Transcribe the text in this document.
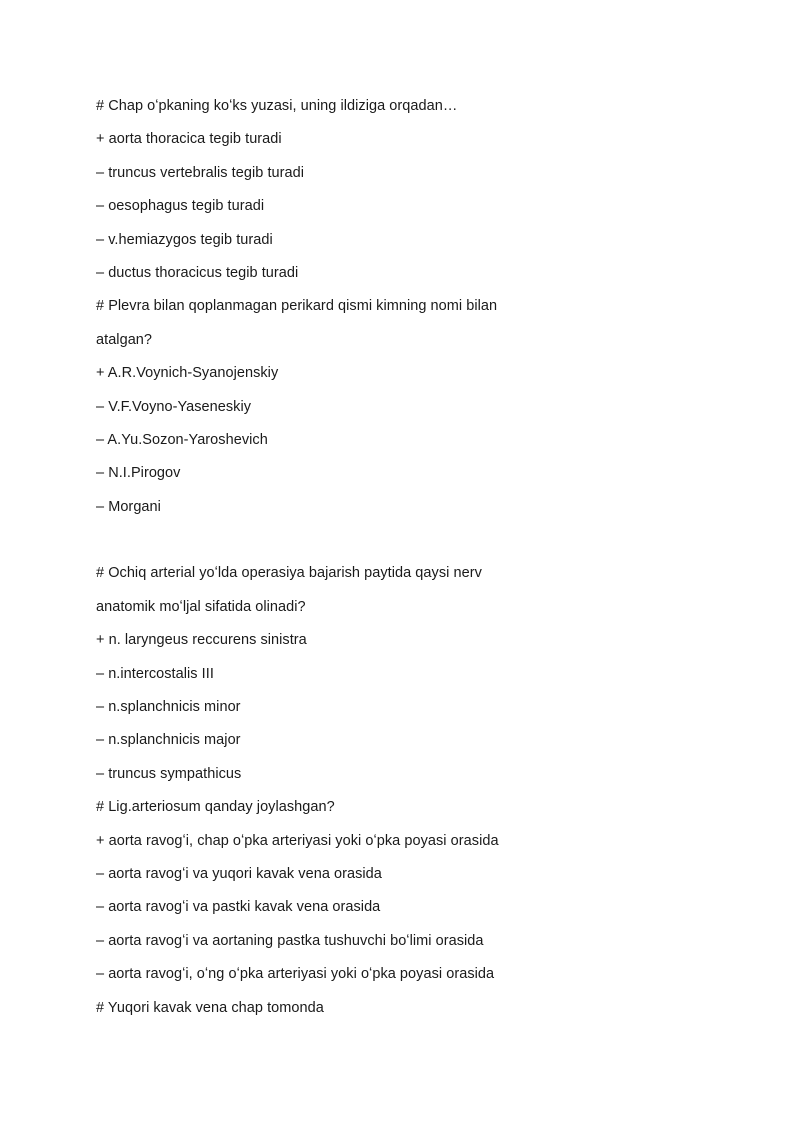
# Chap oʻpkaning koʻks yuzasi, uning ildiziga orqadan…
+ aorta thoracica tegib turadi
– truncus vertebralis tegib turadi
– oesophagus tegib turadi
– v.hemiazygos tegib turadi
– ductus thoracicus tegib turadi
# Plevra bilan qoplanmagan perikard qismi kimning nomi bilan
atalgan?
+ A.R.Voynich-Syanojenskiy
– V.F.Voyno-Yaseneskiy
– A.Yu.Sozon-Yaroshevich
– N.I.Pirogov
– Morgani
# Ochiq arterial yoʻlda operasiya bajarish paytida qaysi nerv
anatomik moʻljal sifatida olinadi?
+ n. laryngeus reccurens sinistra
– n.intercostalis III
– n.splanchnicis minor
– n.splanchnicis major
– truncus sympathicus
# Lig.arteriosum qanday joylashgan?
+ aorta ravogʻi, chap oʻpka arteriyasi yoki oʻpka poyasi orasida
– aorta ravogʻi va yuqori kavak vena orasida
– aorta ravogʻi va pastki kavak vena orasida
– aorta ravogʻi va aortaning pastka tushuvchi boʻlimi orasida
– aorta ravogʻi, oʻng oʻpka arteriyasi yoki oʻpka poyasi orasida
# Yuqori kavak vena chap tomonda
